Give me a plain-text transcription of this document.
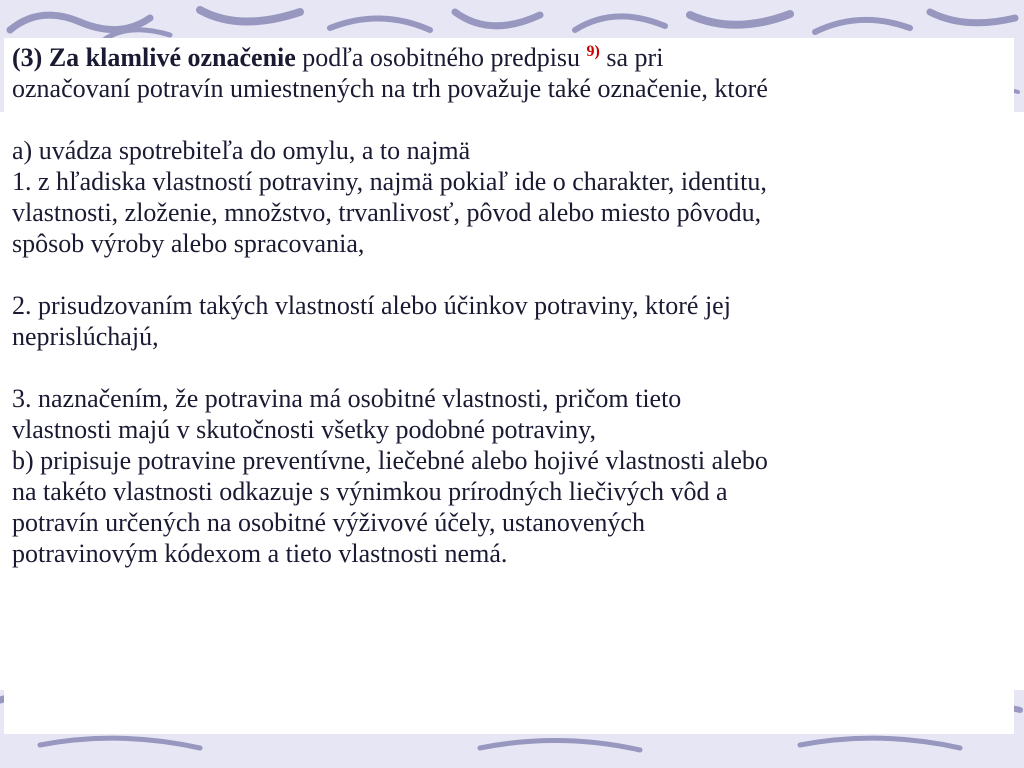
(3) Za klamlivé označenie podľa osobitného predpisu $^{9)}$ sa pri

označovaní potravín umiestnených na trh považuje také označenie, ktoré

a) uvádza spotrebiteľa do omylu, a to najmä

1. z hľadiska vlastností potraviny, najmä pokiaľ ide o charakter, identitu,

vlastnosti, zloženie, množstvo, trvanlivosť, pôvod alebo miesto pôvodu,

spôsob výroby alebo spracovania,

2. prisudzovaním takých vlastností alebo účinkov potraviny, ktoré jej

neprislúchajú,

3. naznačením, že potravina má osobitné vlastnosti, pričom tieto

vlastnosti majú v skutočnosti všetky podobné potraviny,

b) pripisuje potravine preventívne, liečebné alebo hojivé vlastnosti alebo

na takéto vlastnosti odkazuje s výnimkou prírodných liečivých vôd a

potravín určených na osobitné výživové účely, ustanovených

potravinovým kódexom a tieto vlastnosti nemá.
